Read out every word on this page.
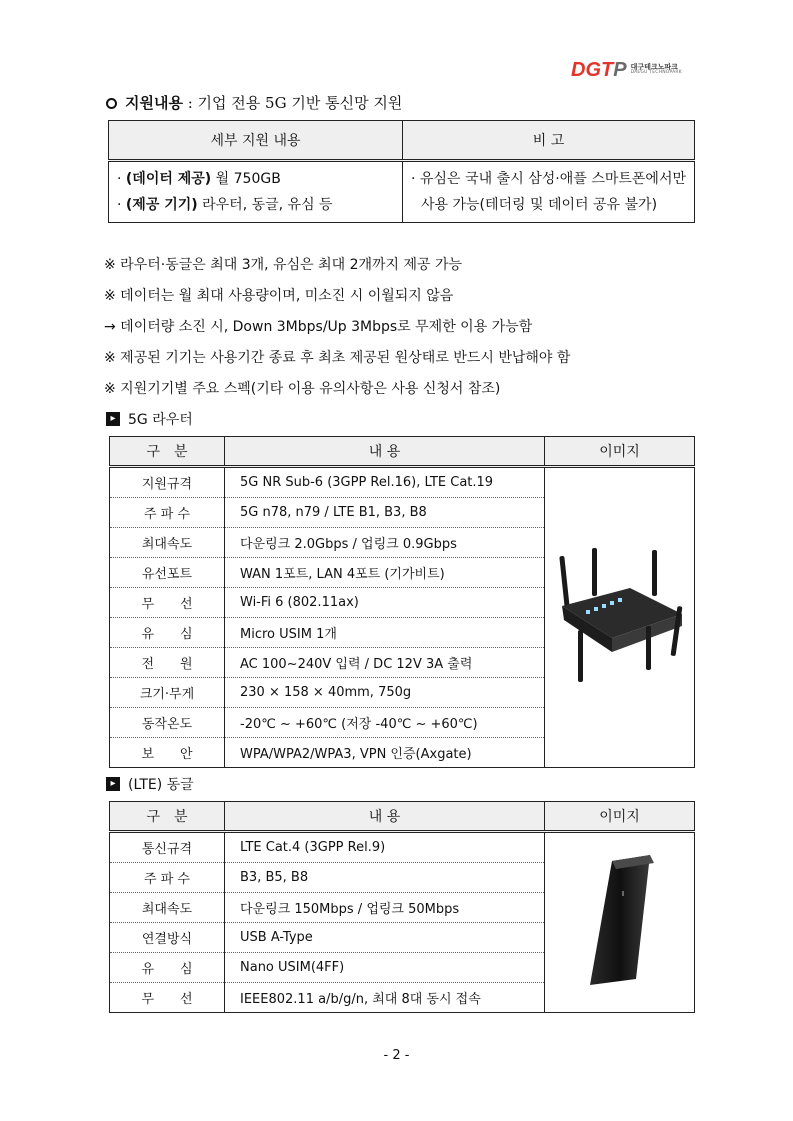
DGTP 대구테크노파크
DAEGU TECHNOPARK
지원내용 : 기업 전용 5G 기반 통신망 지원
세부 지원 내용	비 고

· (데이터 제공) 월 750GB
· (제공 기기) 라우터, 동글, 유심 등	· 유심은 국내 출시 삼성·애플 스마트폰에서만 사용 가능(테더링 및 데이터 공유 불가)
※ 라우터·동글은 최대 3개, 유심은 최대 2개까지 제공 가능
※ 데이터는 월 최대 사용량이며, 미소진 시 이월되지 않음
→ 데이터량 소진 시, Down 3Mbps/Up 3Mbps로 무제한 이용 가능함
※ 제공된 기기는 사용기간 종료 후 최초 제공된 원상태로 반드시 반납해야 함
※ 지원기기별 주요 스펙(기타 이용 유의사항은 사용 신청서 참조)
▸ 5G 라우터
구　분	내 용	이미지
지원규격	5G NR Sub-6 (3GPP Rel.16), LTE Cat.19	
주 파 수	5G n78, n79 / LTE B1, B3, B8	
최대속도	다운링크 2.0Gbps / 업링크 0.9Gbps	
유선포트	WAN 1포트, LAN 4포트 (기가비트)	
무　　선	Wi-Fi 6 (802.11ax)	
유　　심	Micro USIM 1개	
전　　원	AC 100~240V 입력 / DC 12V 3A 출력	
크기·무게	230 × 158 × 40mm, 750g	
동작온도	-20℃ ~ +60℃ (저장 -40℃ ~ +60℃)	
보　　안	WPA/WPA2/WPA3, VPN 인증(Axgate)	
▸ (LTE) 동글
구　분	내 용	이미지
통신규격	LTE Cat.4 (3GPP Rel.9)	
주 파 수	B3, B5, B8	
최대속도	다운링크 150Mbps / 업링크 50Mbps	
연결방식	USB A-Type	
유　　심	Nano USIM(4FF)	
무　　선	IEEE802.11 a/b/g/n, 최대 8대 동시 접속	
- 2 -
